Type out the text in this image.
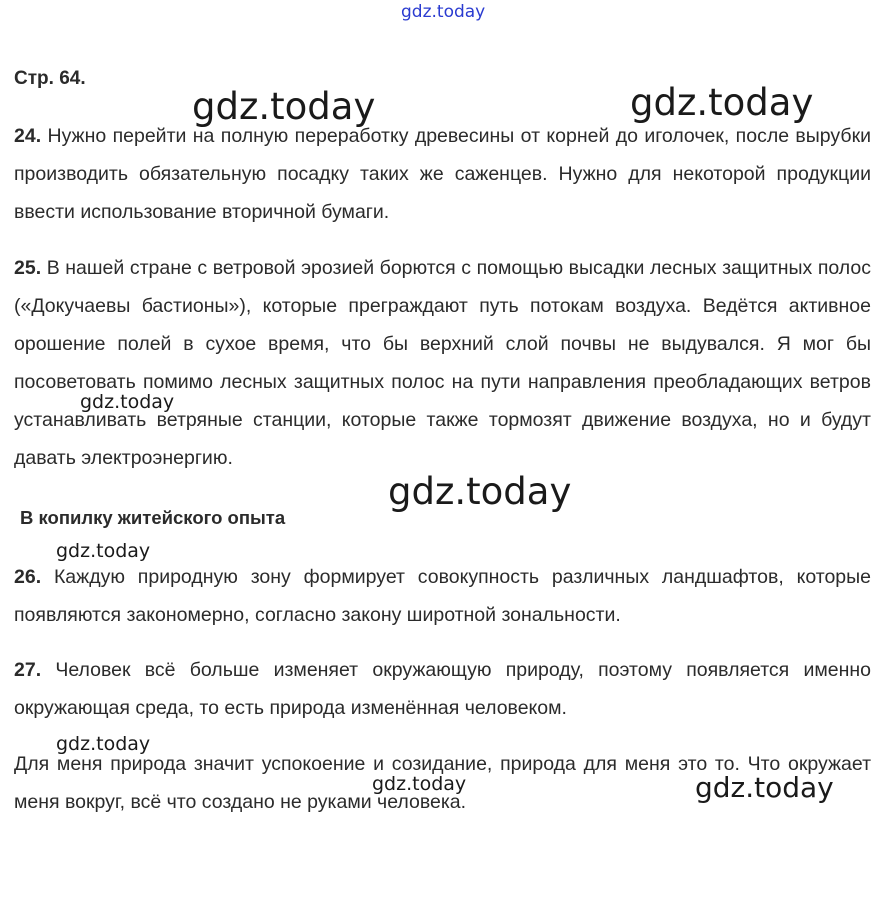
gdz.today
Стр. 64.

24. Нужно перейти на полную переработку древесины от корней до иголочек, после вырубки производить обязательную посадку таких же саженцев. Нужно для некоторой продукции ввести использование вторичной бумаги.

25. В нашей стране с ветровой эрозией борются с помощью высадки лесных защитных полос («Докучаевы бастионы»), которые преграждают путь потокам воздуха. Ведётся активное орошение полей в сухое время, что бы верхний слой почвы не выдувался. Я мог бы посоветовать помимо лесных защитных полос на пути направления преобладающих ветров устанавливать ветряные станции, которые также тормозят движение воздуха, но и будут давать электроэнергию.

В копилку житейского опыта

26. Каждую природную зону формирует совокупность различных ландшафтов, которые появляются закономерно, согласно закону широтной зональности.

27. Человек всё больше изменяет окружающую природу, поэтому появляется именно окружающая среда, то есть природа изменённая человеком.

Для меня природа значит успокоение и созидание, природа для меня это то. Что окружает меня вокруг, всё что создано не руками человека.

gdz.today	gdz.today
gdz.today
gdz.today
gdz.today
gdz.today
gdz.today	gdz.today
